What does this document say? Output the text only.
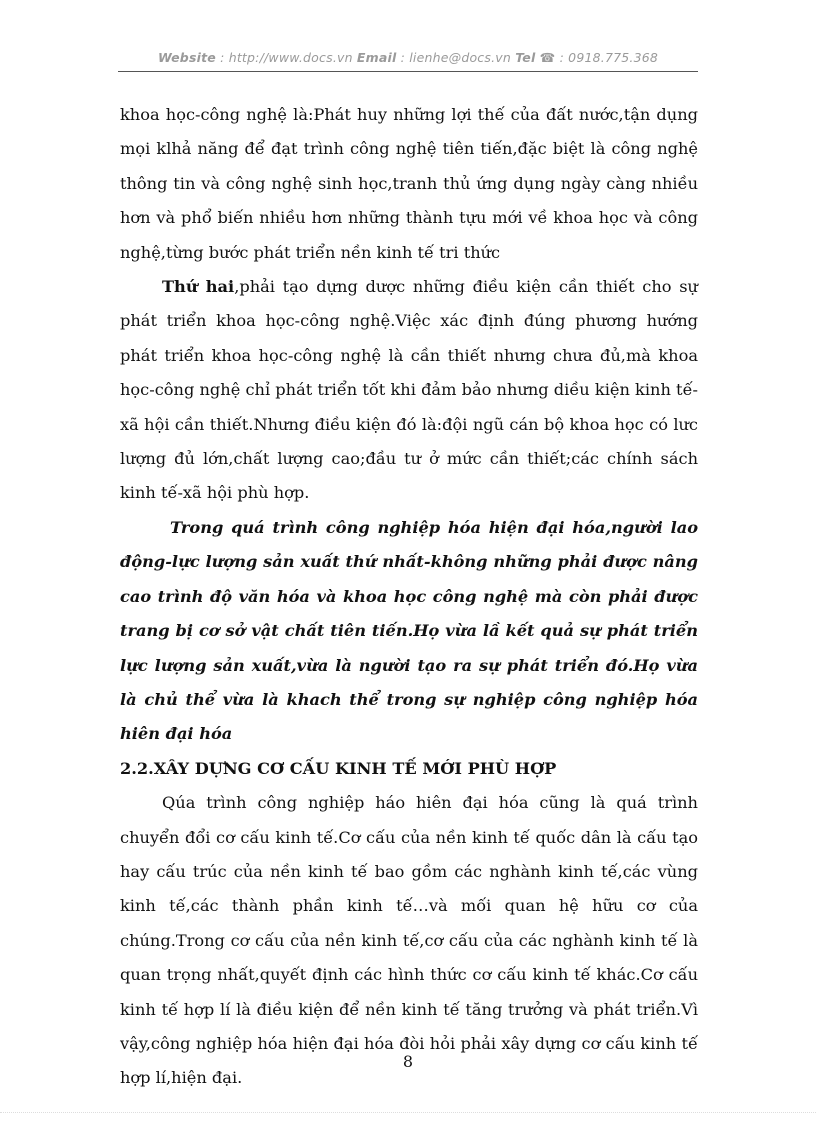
Website : http://www.docs.vn Email : lienhe@docs.vn Tel ☎ : 0918.775.368

khoa học-công nghệ là:Phát huy những lợi thế của đất nước,tận dụng mọi klhả năng để đạt trình công nghệ tiên tiến,đặc biệt là công nghệ thông tin và công nghệ sinh học,tranh thủ ứng dụng ngày càng nhiều hơn và phổ biến nhiều hơn những thành tựu mới về khoa học và công nghệ,từng bước phát triển nền kinh tế tri thức

Thứ hai,phải tạo dựng dược những điều kiện cần thiết cho sự phát triển khoa học-công nghệ.Việc xác định đúng phương hướng phát triển khoa học-công nghệ là cần thiết nhưng chưa đủ,mà khoa học-công nghệ chỉ phát triển tốt khi đảm bảo nhưng diều kiện kinh tế-xã hội cần thiết.Nhưng điều kiện đó là:đội ngũ cán bộ khoa học có lưc lượng đủ lớn,chất lượng cao;đầu tư ở mức cần thiết;các chính sách kinh tế-xã hội phù hợp.

Trong quá trình công nghiệp hóa hiện đại hóa,người lao động-lực lượng sản xuất thứ nhất-không những phải được nâng cao trình độ văn hóa và khoa học công nghệ mà còn phải được trang bị cơ sở vật chất tiên tiến.Họ vừa lầ kết quả sự phát triển lực lượng sản xuất,vừa là người tạo ra sự phát triển đó.Họ vừa là chủ thể vừa là khach thể trong sự nghiệp công nghiệp hóa hiên đại hóa

2.2.XÂY DỰNG CƠ CẤU KINH TẾ MỚI PHÙ HỢP

Qúa trình công nghiệp háo hiên đại hóa cũng là quá trình chuyển đổi cơ cấu kinh tế.Cơ cấu của nền kinh tế quốc dân là cấu tạo hay cấu trúc của nền kinh tế bao gồm các nghành kinh tế,các vùng kinh tế,các thành phần kinh tế…và mối quan hệ hữu cơ của chúng.Trong cơ cấu của nền kinh tế,cơ cấu của các nghành kinh tế là quan trọng nhất,quyết định các hình thức cơ cấu kinh tế khác.Cơ cấu kinh tế hợp lí là điều kiện để nền kinh tế tăng trưởng và phát triển.Vì vậy,công nghiệp hóa hiện đại hóa đòi hỏi phải xây dựng cơ cấu kinh tế hợp lí,hiện đại.

8
